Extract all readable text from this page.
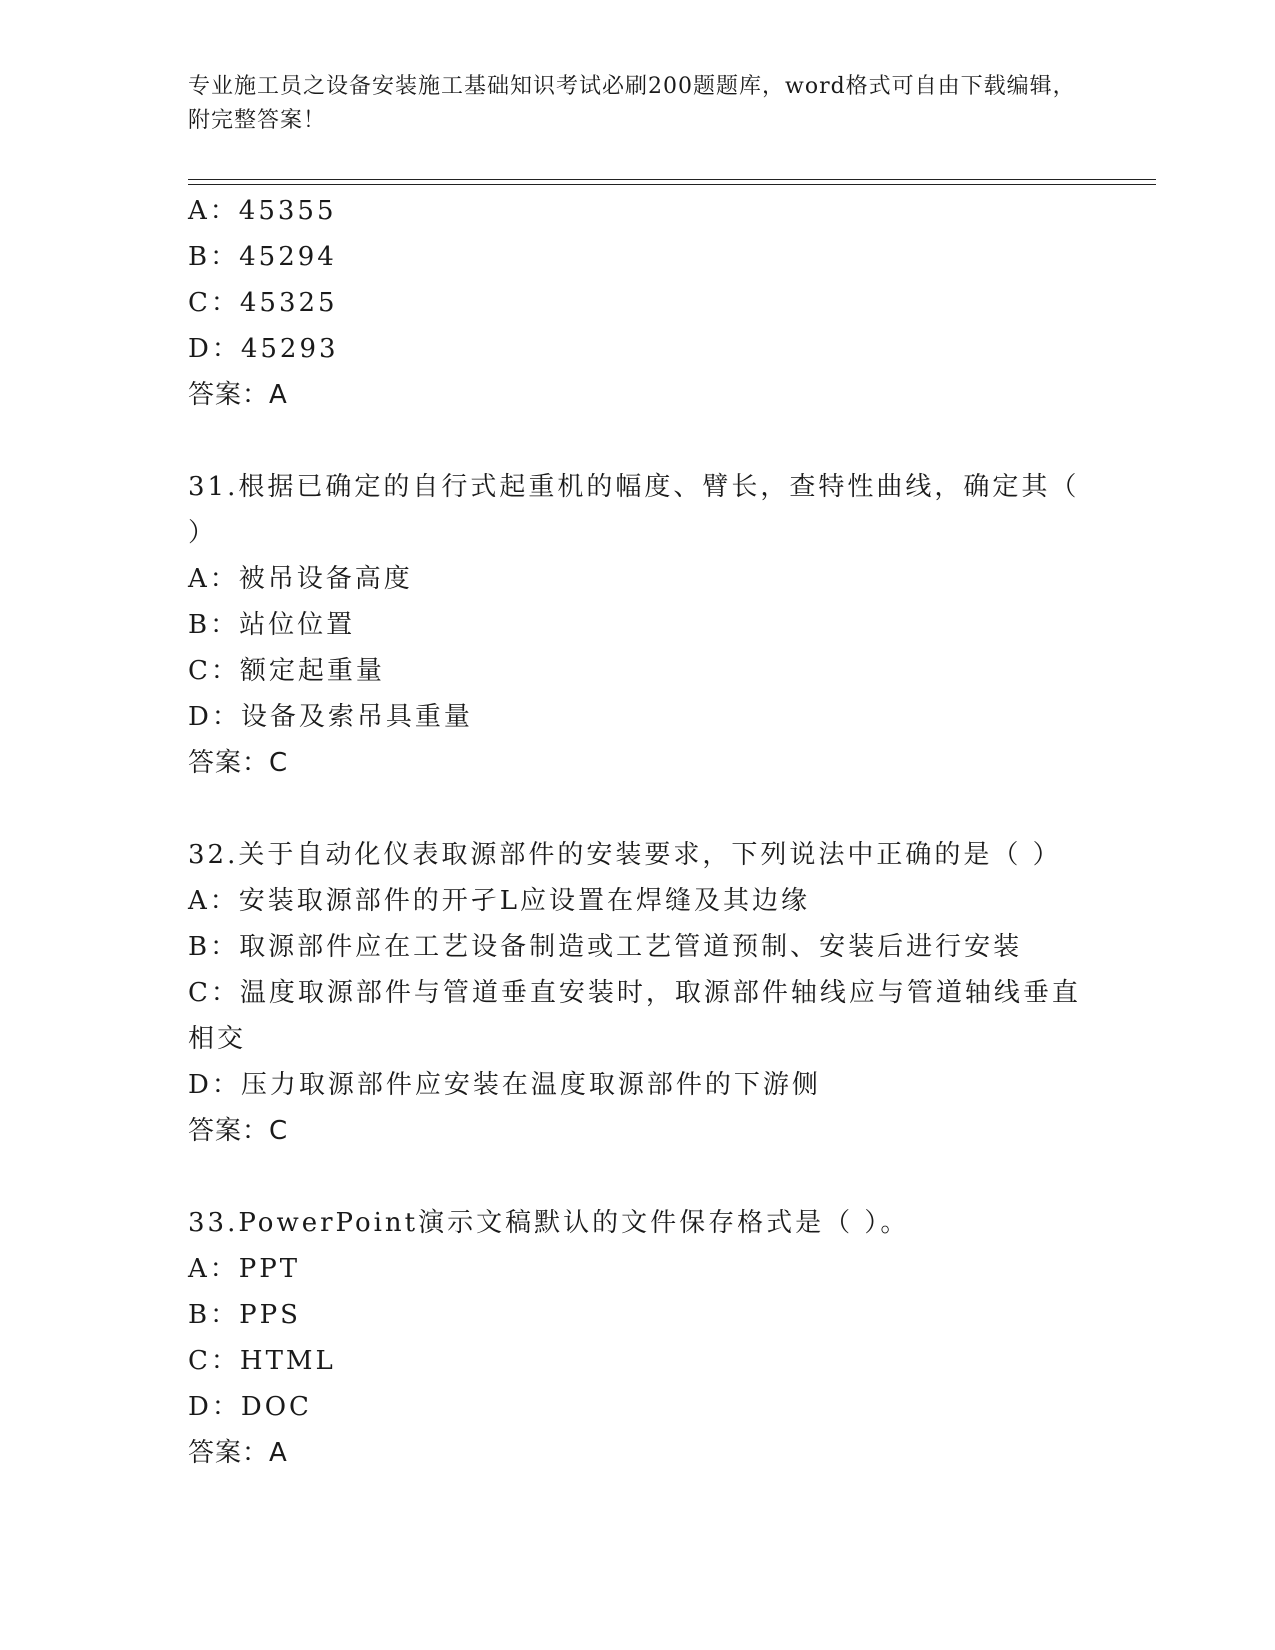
专业施工员之设备安装施工基础知识考试必刷200题题库，word格式可自由下载编辑，附完整答案！
A：45355
B：45294
C：45325
D：45293
答案：A
31.根据已确定的自行式起重机的幅度、臂长，查特性曲线，确定其（ ）
A：被吊设备高度
B：站位位置
C：额定起重量
D：设备及索吊具重量
答案：C
32.关于自动化仪表取源部件的安装要求，下列说法中正确的是（ ）
A：安装取源部件的开孑L应设置在焊缝及其边缘
B：取源部件应在工艺设备制造或工艺管道预制、安装后进行安装
C：温度取源部件与管道垂直安装时，取源部件轴线应与管道轴线垂直相交
D：压力取源部件应安装在温度取源部件的下游侧
答案：C
33.PowerPoint演示文稿默认的文件保存格式是（ ）。
A：PPT
B：PPS
C：HTML
D：DOC
答案：A
